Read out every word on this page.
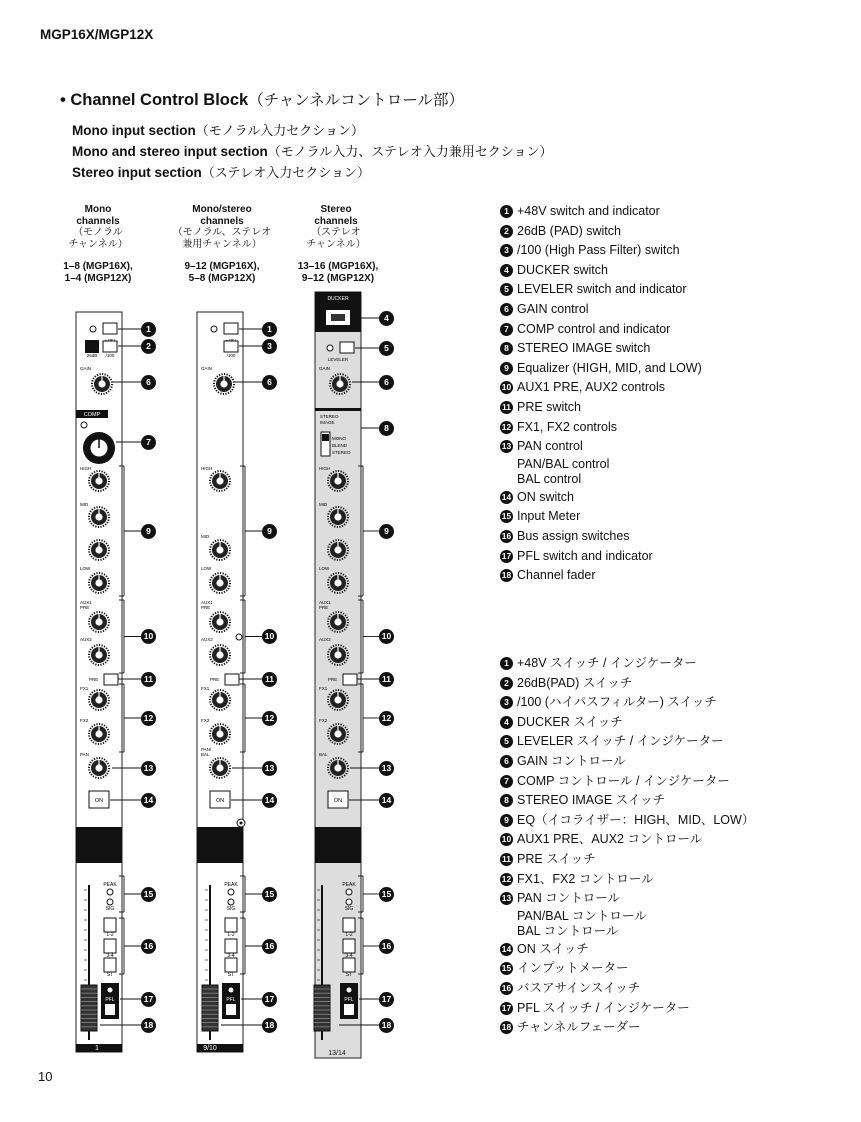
MGP16X/MGP12X
10
• Channel Control Block（チャンネルコントロール部）
Mono input section（モノラル入力セクション）
Mono and stereo input section（モノラル入力、ステレオ入力兼用セクション）
Stereo input section（ステレオ入力セクション）
Mono
channels
（モノラル
チャンネル）
1–8 (MGP16X),
1–4 (MGP12X)
Mono/stereo
channels
（モノラル、ステレオ
兼用チャンネル）
9–12 (MGP16X),
5–8 (MGP12X)
Stereo
channels
（ステレオ
チャンネル）
13–16 (MGP16X),
9–12 (MGP12X)
1	9/10
13/14
26dB /100	/100
DUCKER
LEVELER
STEREO
IMAGE
MONO
BLEND
STEREO
COMP
GAIN	GAIN	GAIN
HIGH	HIGH	HIGH
MID
MID
MID
LOW	LOW	LOW
AUX1
PRE
AUX1
PRE
AUX1
PRE
AUX2	AUX2	AUX2
PRE	PRE	PRE
FX1	FX1	FX1
FX2	FX2	FX2
PAN
PAN/
BAL	BAL
ON	ON	ON
PEAK
SIG
1-2
3-4
ST
PFL
PEAK
SIG
1-2
3-4
ST
PFL
PEAK
SIG
1-2
3-4
ST
PFL
1
2
6
7
9
10
11
12
13
14
15
16
17
18
1
3
6
9
10
11
12
13
14
15
16
17
18
4
5
6
8
9
10
11
12
13
14
15
16
17
18
1 +48V switch and indicator
2 26dB (PAD) switch
3 /100 (High Pass Filter) switch
4 DUCKER switch
5 LEVELER switch and indicator
6 GAIN control
7 COMP control and indicator
8 STEREO IMAGE switch
9 Equalizer (HIGH, MID, and LOW)
10 AUX1 PRE, AUX2 controls
11 PRE switch
12 FX1, FX2 controls
13 PAN control
PAN/BAL control
BAL control
14 ON switch
15 Input Meter
16 Bus assign switches
17 PFL switch and indicator
18 Channel fader
1 +48V スイッチ / インジケーター
2 26dB(PAD) スイッチ
3 /100 (ハイパスフィルター) スイッチ
4 DUCKER スイッチ
5 LEVELER スイッチ / インジケーター
6 GAIN コントロール
7 COMP コントロール / インジケーター
8 STEREO IMAGE スイッチ
9 EQ（イコライザー：HIGH、MID、LOW）
10 AUX1 PRE、AUX2 コントロール
11 PRE スイッチ
12 FX1、FX2 コントロール
13 PAN コントロール
PAN/BAL コントロール
BAL コントロール
14 ON スイッチ
15 インプットメーター
16 バスアサインスイッチ
17 PFL スイッチ / インジケーター
18 チャンネルフェーダー
